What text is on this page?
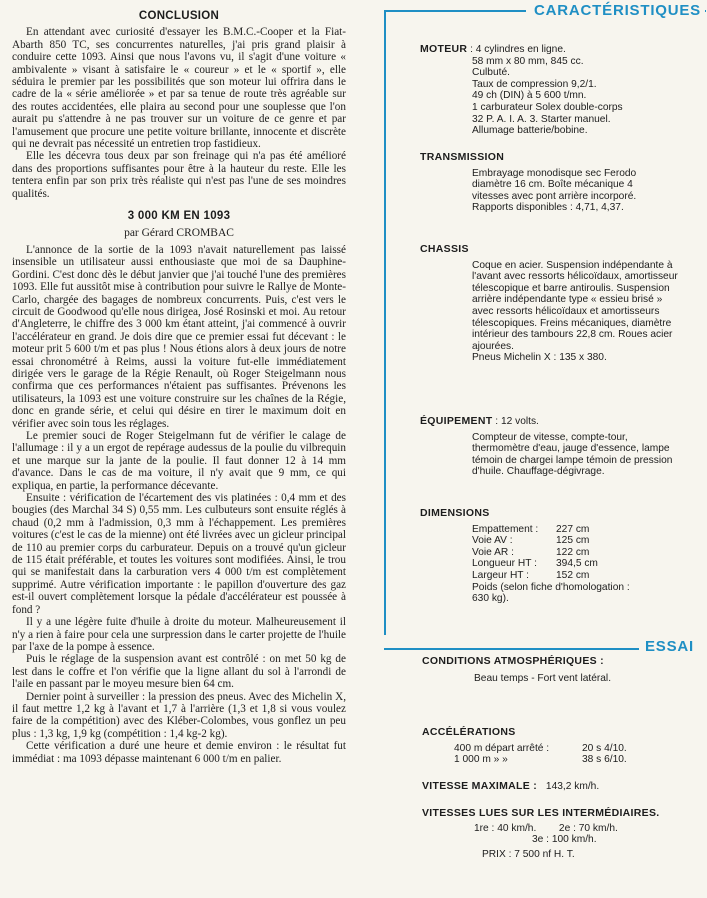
CONCLUSION

En attendant avec curiosité d'essayer les B.M.C.-Cooper et la Fiat-Abarth 850 TC, ses concurrentes naturelles, j'ai pris grand plaisir à conduire cette 1093. Ainsi que nous l'avons vu, il s'agit d'une voiture « ambivalente » visant à satisfaire le « coureur » et le « sportif », elle séduira le premier par les possibilités que son moteur lui offrira dans le cadre de la « série améliorée » et par sa tenue de route très agréable sur des routes accidentées, elle plaira au second pour une souplesse que l'on aurait pu s'attendre à ne pas trouver sur un voiture de ce genre et par l'amusement que procure une petite voiture brillante, innocente et discrète qui ne devrait pas nécessité un entretien trop fastidieux.

Elle les décevra tous deux par son freinage qui n'a pas été amélioré dans des proportions suffisantes pour être à la hauteur du reste. Elle les tentera enfin par son prix très réaliste qui n'est pas l'une de ses moindres qualités.

3 000 KM EN 1093

par Gérard CROMBAC

L'annonce de la sortie de la 1093 n'avait naturellement pas laissé insensible un utilisateur aussi enthousiaste que moi de sa Dauphine-Gordini. C'est donc dès le début janvier que j'ai touché l'une des premières 1093. Elle fut aussitôt mise à contribution pour suivre le Rallye de Monte-Carlo, chargée des bagages de nombreux concurrents. Puis, c'est vers le circuit de Goodwood qu'elle nous dirigea, José Rosinski et moi. Au retour d'Angleterre, le chiffre des 3 000 km étant atteint, j'ai commencé à ouvrir l'accélérateur en grand. Je dois dire que ce premier essai fut décevant : le moteur prit 5 600 t/m et pas plus ! Nous étions alors à deux jours de notre essai chronométré à Reims, aussi la voiture fut-elle immédiatement dirigée vers le garage de la Régie Renault, où Roger Steigelmann nous confirma que ces performances n'étaient pas suffisantes. Prévenons les utilisateurs, la 1093 est une voiture construire sur les chaînes de la Régie, donc en grande série, et celui qui désire en tirer le maximum doit en vérifier avec soin tous les réglages.

Le premier souci de Roger Steigelmann fut de vérifier le calage de l'allumage : il y a un ergot de repérage audessus de la poulie du vilbrequin et une marque sur la jante de la poulie. Il faut donner 12 à 14 mm d'avance. Dans le cas de ma voiture, il n'y avait que 9 mm, ce qui expliqua, en partie, la performance décevante.

Ensuite : vérification de l'écartement des vis platinées : 0,4 mm et des bougies (des Marchal 34 S) 0,55 mm. Les culbuteurs sont ensuite réglés à chaud (0,2 mm à l'admission, 0,3 mm à l'échappement. Les premières voitures (c'est le cas de la mienne) ont été livrées avec un gicleur principal de 110 au premier corps du carburateur. Depuis on a trouvé qu'un gicleur de 115 était préférable, et toutes les voitures sont modifiées. Ainsi, le trou qui se manifestait dans la carburation vers 4 000 t/m est complètement supprimé. Autre vérification importante : le papillon d'ouverture des gaz est-il ouvert complètement lorsque la pédale d'accélérateur est poussée à fond ?

Il y a une légère fuite d'huile à droite du moteur. Malheureusement il n'y a rien à faire pour cela une surpression dans le carter projette de l'huile par l'axe de la pompe à essence.

Puis le réglage de la suspension avant est contrôlé : on met 50 kg de lest dans le coffre et l'on vérifie que la ligne allant du sol à l'arrondi de l'aile en passant par le moyeu mesure bien 64 cm.

Dernier point à surveiller : la pression des pneus. Avec des Michelin X, il faut mettre 1,2 kg à l'avant et 1,7 à l'arrière (1,3 et 1,8 si vous voulez faire de la compétition) avec des Kléber-Colombes, vous gonflez un peu plus : 1,3 kg, 1,9 kg (compétition : 1,4 kg-2 kg).

Cette vérification a duré une heure et demie environ : le résultat fut immédiat : ma 1093 dépasse maintenant 6 000 t/m en palier.

CARACTÉRISTIQUES
MOTEUR : 4 cylindres en ligne.
58 mm x 80 mm, 845 cc.
Culbuté.
Taux de compression 9,2/1.
49 ch (DIN) à 5 600 t/mn.
1 carburateur Solex double-corps
32 P. A. I. A. 3. Starter manuel.
Allumage batterie/bobine.
TRANSMISSION
Embrayage monodisque sec Ferodo diamètre 16 cm. Boîte mécanique 4 vitesses avec pont arrière incorporé. Rapports disponibles : 4,71, 4,37.
CHASSIS
Coque en acier. Suspension indépendante à l'avant avec ressorts hélicoïdaux, amortisseur télescopique et barre antiroulis. Suspension arrière indépendante type « essieu brisé » avec ressorts hélicoïdaux et amortisseurs télescopiques. Freins mécaniques, diamètre intérieur des tambours 22,8 cm. Roues acier ajourées.
Pneus Michelin X : 135 x 380.
ÉQUIPEMENT : 12 volts.
Compteur de vitesse, compte-tour, thermomètre d'eau, jauge d'essence, lampe témoin de chargei lampe témoin de pression d'huile. Chauffage-dégivrage.
DIMENSIONS
Empattement :	227 cm
Voie AV :	125 cm
Voie AR :	122 cm
Longueur HT :	394,5 cm
Largeur HT :	152 cm
Poids (selon fiche d'homologation : 630 kg).
ESSAI
CONDITIONS ATMOSPHÉRIQUES :
Beau temps - Fort vent latéral.
ACCÉLÉRATIONS
400 m départ arrêté :	20 s 4/10.
1 000 m » »	38 s 6/10.
VITESSE MAXIMALE : 143,2 km/h.
VITESSES LUES SUR LES INTERMÉDIAIRES.
1re : 40 km/h.        2e : 70 km/h.
3e : 100 km/h.
PRIX : 7 500 nf H. T.
